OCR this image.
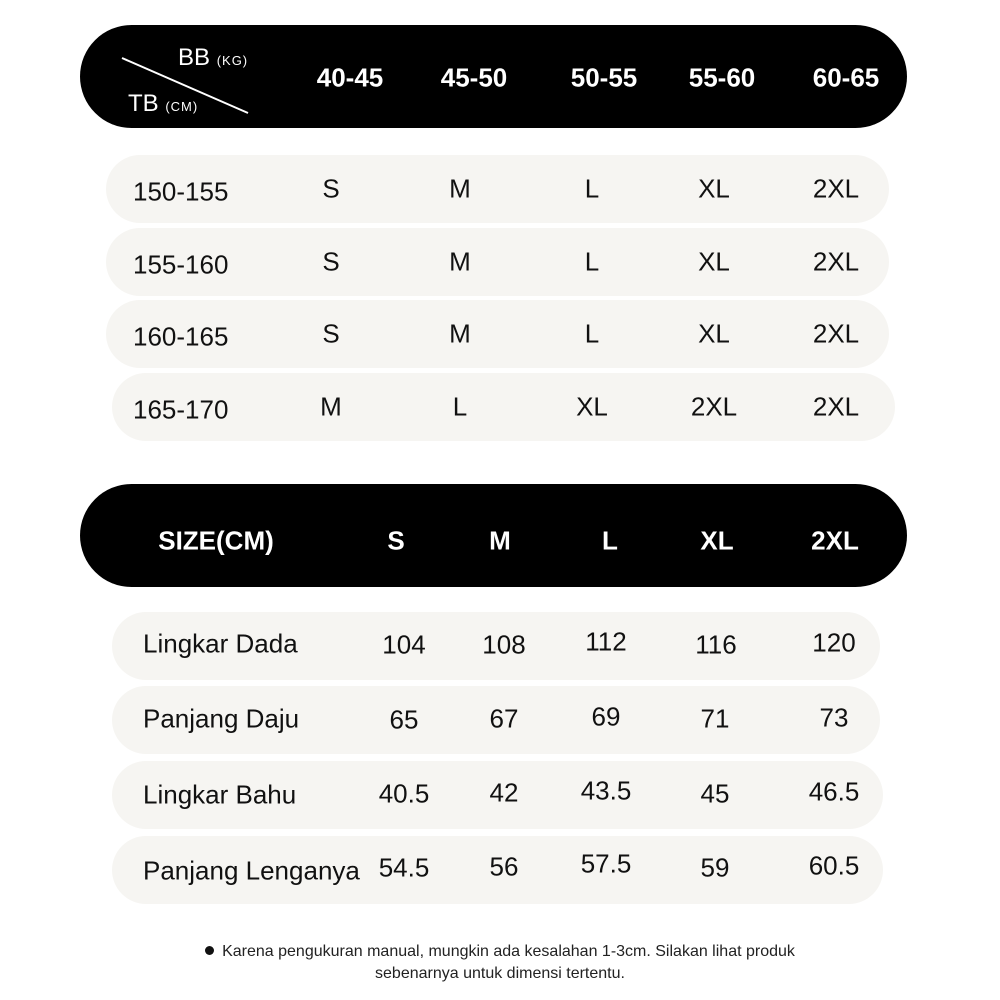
BB (KG)
TB (CM)
40-45 45-50 50-55 55-60 60-65
150-155	S	M	L	XL	2XL
155-160	S	M	L	XL	2XL
160-165	S	M	L	XL	2XL
165-170	M	L	XL	2XL	2XL
SIZE(CM)	S	M	L	XL	2XL
Lingkar Dada	104 108 112	116	120
Panjang Daju	65	67	69	71	73
Lingkar Bahu	40.5 42 43.5	45	46.5
Panjang Lenganya 54.5 56 57.5	59	60.5
Karena pengukuran manual, mungkin ada kesalahan 1-3cm. Silakan lihat produk
sebenarnya untuk dimensi tertentu.
